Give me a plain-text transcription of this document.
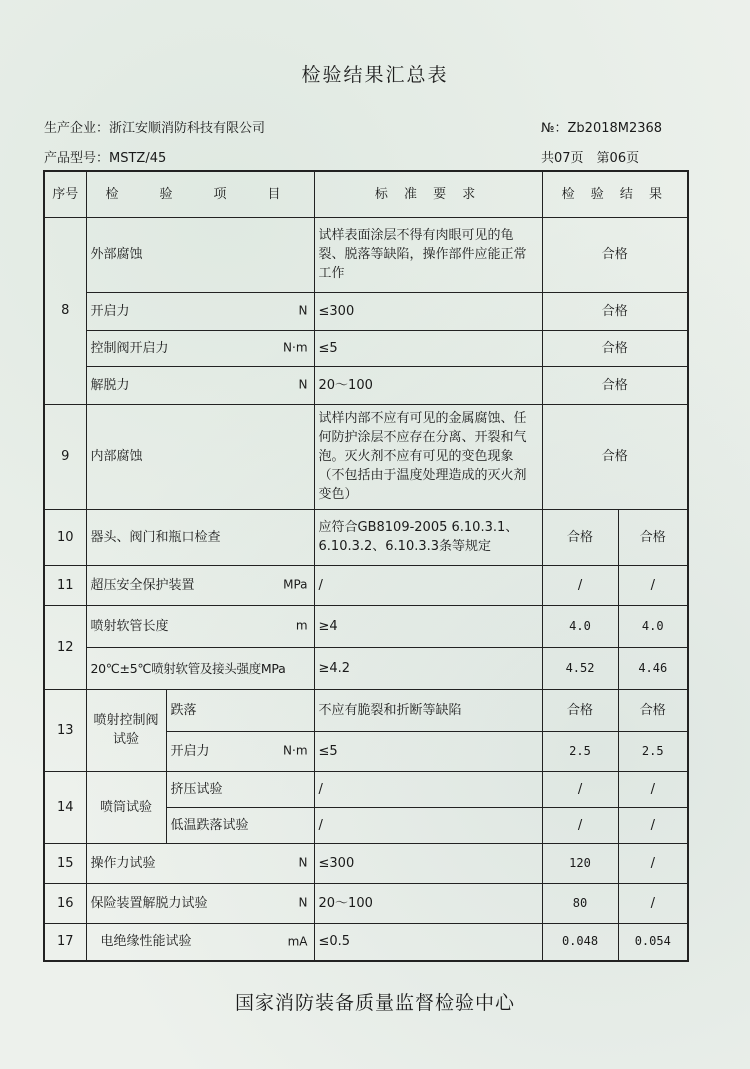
检验结果汇总表
生产企业：浙江安顺消防科技有限公司	№：Zb2018M2368
产品型号：MSTZ/45	共07页　第06页
序号	检　验　项　目		标 准 要 求	检 验 结 果	
8	外部腐蚀		试样表面涂层不得有肉眼可见的龟裂、脱落等缺陷，操作部件应能正常工作	合格	
	开启力 N		≤300	合格	
	控制阀开启力 N·m		≤5	合格	
	解脱力 N		20～100	合格	
9	内部腐蚀		试样内部不应有可见的金属腐蚀、任何防护涂层不应存在分离、开裂和气泡。灭火剂不应有可见的变色现象（不包括由于温度处理造成的灭火剂变色）	合格	
10	器头、阀门和瓶口检查		应符合GB8109-2005 6.10.3.1、6.10.3.2、6.10.3.3条等规定	合格	合格
11	超压安全保护装置 MPa		/	/	/
12	喷射软管长度 m		≥4	4.0	4.0
	20℃±5℃喷射软管及接头强度MPa		≥4.2	4.52	4.46
13	喷射控制阀试验	跌落	不应有脆裂和折断等缺陷	合格	合格
		开启力 N·m	≤5	2.5	2.5
14	喷筒试验	挤压试验	/	/	/
		低温跌落试验	/	/	/
15	操作力试验 N		≤300	120	/
16	保险装置解脱力试验 N		20～100	80	/
17	电绝缘性能试验 mA		≤0.5	0.048	0.054
国家消防装备质量监督检验中心
